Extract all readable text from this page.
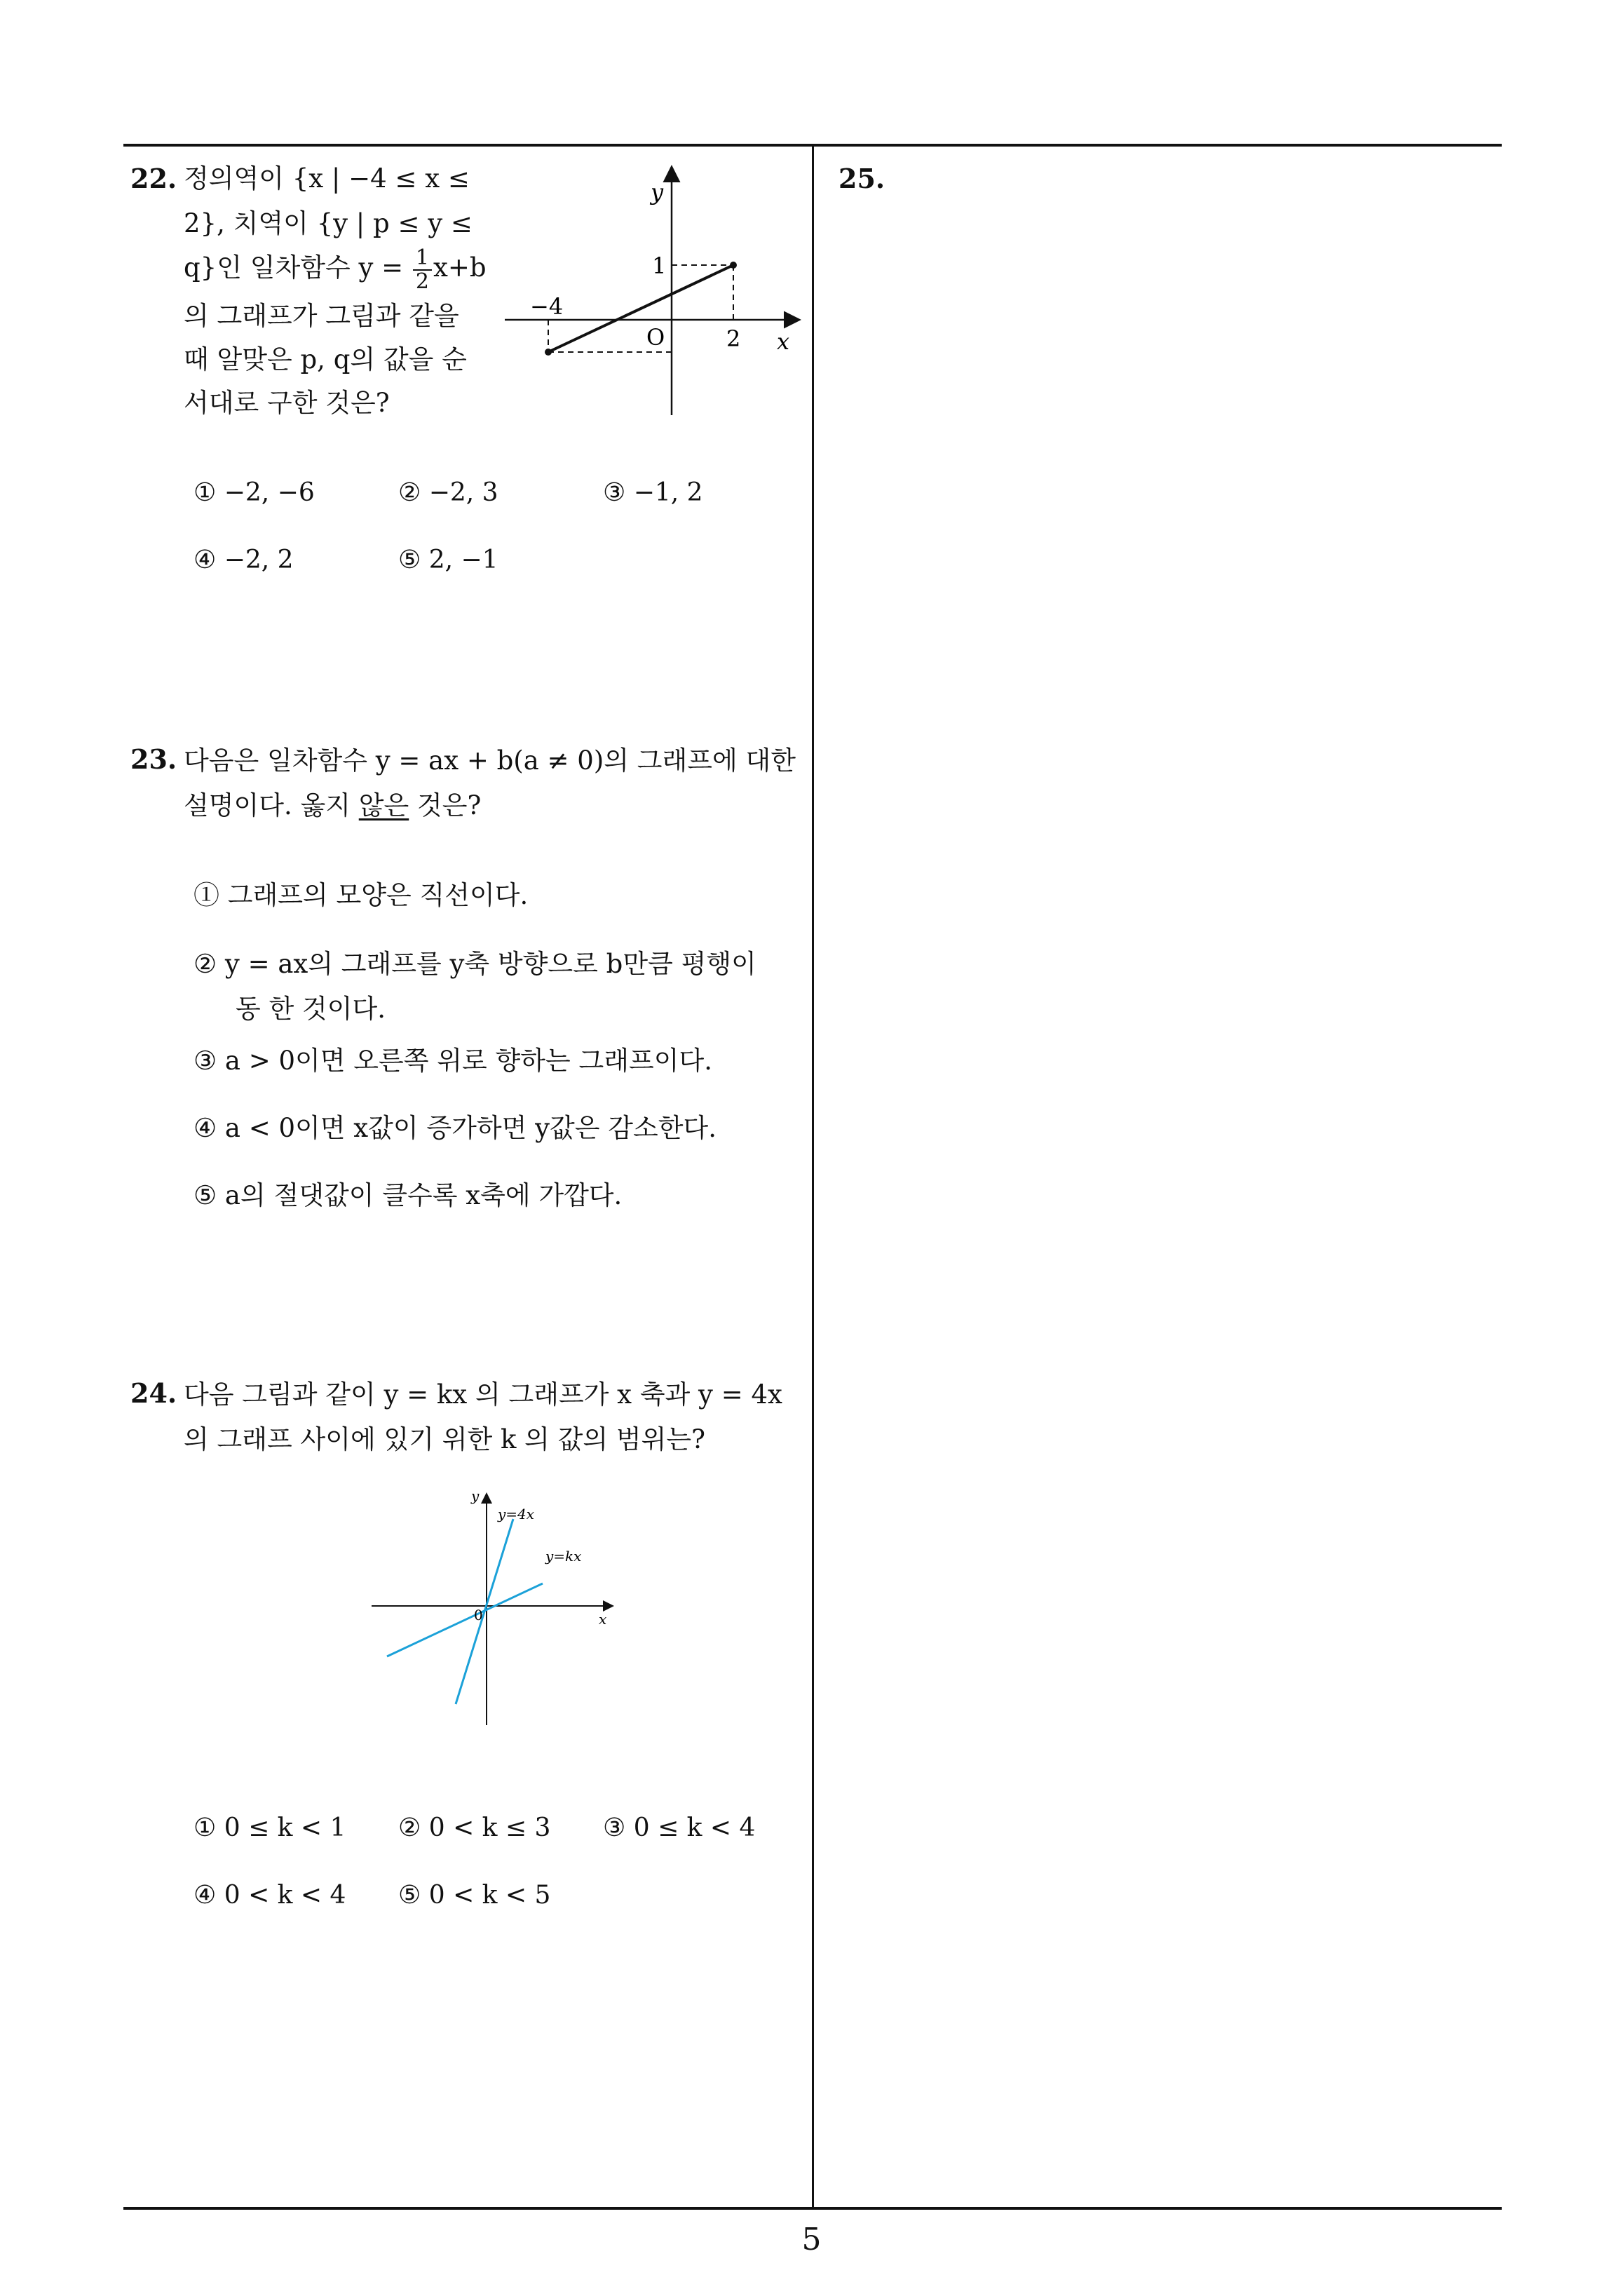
22. 정의역이 {x | −4 ≤ x ≤
2}, 치역이 {y | p ≤ y ≤
q}인 일차함수 $y = \frac{1}{2} x+b$
의 그래프가 그림과 같을
때 알맞은 p, q의 값을 순
서대로 구한 것은?
y
x
O
1
2
−4
① −2, −6	② −2, 3	③ −1, 2
④ −2, 2	⑤ 2, −1
23. 다음은 일차함수 y = ax + b(a ≠ 0)의 그래프에 대한
설명이다. 옳지 않은 것은?
① 그래프의 모양은 직선이다.
② y = ax의 그래프를 y축 방향으로 b만큼 평행이
동 한 것이다.
③ a > 0이면 오른쪽 위로 향하는 그래프이다.
④ a < 0이면 x값이 증가하면 y값은 감소한다.
⑤ a의 절댓값이 클수록 x축에 가깝다.
24. 다음 그림과 같이 y = kx 의 그래프가 x 축과 y = 4x
의 그래프 사이에 있기 위한 k 의 값의 범위는?
y
x
0
y=4x
y=kx
① 0 ≤ k < 1 ② 0 < k ≤ 3 ③ 0 ≤ k < 4
④ 0 < k < 4 ⑤ 0 < k < 5
25.
5
